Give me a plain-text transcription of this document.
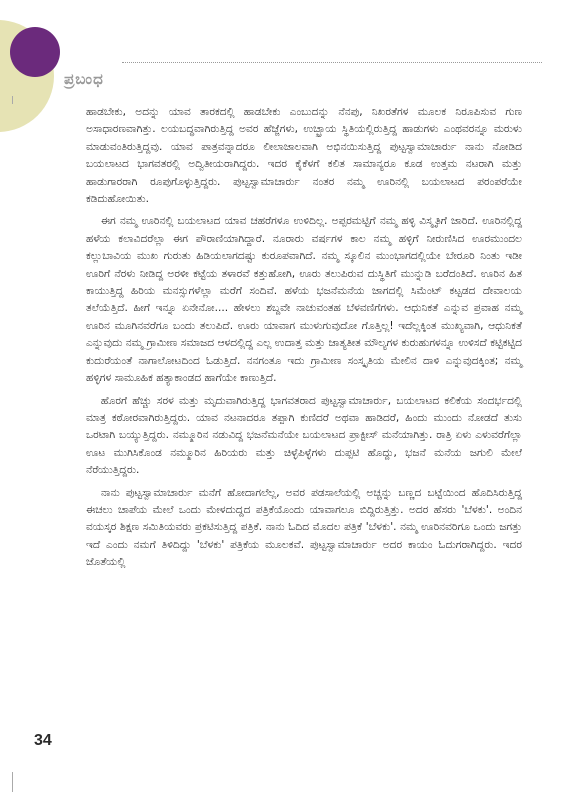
ಪ್ರಬಂಧ

ಹಾಡಬೇಕು, ಅದನ್ನು ಯಾವ ತಾರಕದಲ್ಲಿ ಹಾಡಬೇಕು ಎಂಬುದನ್ನು ನೆನಪು, ನಿಖರತೆಗಳ ಮೂಲಕ ನಿರೂಪಿಸುವ ಗುಣ ಅಸಾಧಾರಣವಾಗಿತ್ತು. ಲಯಬದ್ಧವಾಗಿರುತ್ತಿದ್ದ ಅವರ ಹೆಜ್ಜೆಗಳು, ಉಚ್ಛ್ರಾಯ ಸ್ಥಿತಿಯಲ್ಲಿರುತ್ತಿದ್ದ ಹಾಡುಗಳು ಎಂಥವರನ್ನೂ ಮರುಳು ಮಾಡುವಂತಿರುತ್ತಿದ್ದವು. ಯಾವ ಪಾತ್ರವನ್ನಾದರೂ ಲೀಲಾಜಾಲವಾಗಿ ಅಭಿನಯಿಸುತ್ತಿದ್ದ ಪುಟ್ಟಸ್ವಾಮಾಚಾರ್ರು ನಾನು ನೋಡಿದ ಬಯಲಾಟದ ಭಾಗವತರಲ್ಲಿ ಅದ್ವಿತೀಯರಾಗಿದ್ದರು. ಇದರ ಕೈಕೆಳಗೆ ಕಲಿತ ಸಾಮಾನ್ಯರೂ ಕೂಡ ಉತ್ತಮ ನಟರಾಗಿ ಮತ್ತು ಹಾಡುಗಾರರಾಗಿ ರೂಪುಗೊಳ್ಳುತ್ತಿದ್ದರು. ಪುಟ್ಟಸ್ವಾಮಾಚಾರ್ರು ನಂತರ ನಮ್ಮ ಊರಿನಲ್ಲಿ ಬಯಲಾಟದ ಪರಂಪರೆಯೇ ಕಡಿದುಹೋಯಿತು.

ಈಗ ನಮ್ಮ ಊರಿನಲ್ಲಿ ಬಯಲಾಟದ ಯಾವ ಚಹರೆಗಳೂ ಉಳಿದಿಲ್ಲ. ಅಪ್ಪರಮಟ್ಟಿಗೆ ನಮ್ಮ ಹಳ್ಳಿ ವಿಸ್ಮೃತಿಗೆ ಜಾರಿದೆ. ಊರಿನಲ್ಲಿದ್ದ ಹಳೆಯ ಕಲಾವಿದರೆಲ್ಲಾ ಈಗ ಪೌರಾಣಿಯಾಗಿದ್ದಾರೆ. ನೂರಾರು ವರ್ಷಗಳ ಕಾಲ ನಮ್ಮ ಹಳ್ಳಿಗೆ ನೀರುಣಿಸಿದ ಊರಮುಂದಲ ಕಲ್ಲುಬಾವಿಯ ಮುಖ ಗುರುತು ಹಿಡಿಯಲಾಗದಷ್ಟು ಕುರೂಪವಾಗಿದೆ. ನಮ್ಮ ಸ್ಕೂಲಿನ ಮುಂಭಾಗದಲ್ಲಿಯೇ ಬೇರೂರಿ ನಿಂತು ಇಡೀ ಊರಿಗೆ ನೆರಳು ನೀಡಿದ್ದ ಅರಳೀ ಕಟ್ಟೆಯ ತಳಾರವೆ ಕತ್ತುಹೋಗಿ, ಊರು ತಲುಪಿರುವ ದುಸ್ಥಿತಿಗೆ ಮುನ್ನುಡಿ ಬರೆದಂತಿದೆ. ಊರಿನ ಹಿತ ಕಾಯುತ್ತಿದ್ದ ಹಿರಿಯ ಮನಸ್ಸುಗಳೆಲ್ಲಾ ಮರೆಗೆ ಸಂದಿವೆ. ಹಳೆಯ ಭಜನೆಮನೆಯ ಜಾಗದಲ್ಲಿ ಸಿಮೆಂಟ್ ಕಟ್ಟಡದ ದೇವಾಲಯ ತಲೆಯೆತ್ತಿದೆ. ಹೀಗೆ ಇನ್ನೂ ಏನೇನೋ.... ಹೇಳಲು ಶಬ್ದವೇ ನಾಚುವಂತಹ ಬೆಳವಣಿಗೆಗಳು. ಆಧುನಿಕತೆ ಎನ್ನುವ ಪ್ರವಾಹ ನಮ್ಮ ಊರಿನ ಮೂಗಿನವರೆಗೂ ಬಂದು ತಲುಪಿದೆ. ಊರು ಯಾವಾಗ ಮುಳುಗುವುದೋ ಗೊತ್ತಿಲ್ಲ! ಇದೆಲ್ಲಕ್ಕಿಂತ ಮುಖ್ಯವಾಗಿ, ಆಧುನಿಕತೆ ಎನ್ನುವುದು ನಮ್ಮ ಗ್ರಾಮೀಣ ಸಮಾಜದ ಆಳದಲ್ಲಿದ್ದ ಎಲ್ಲ ಉದಾತ್ತ ಮತ್ತು ಜಾತ್ಯತೀತ ಮೌಲ್ಯಗಳ ಕುರುಹುಗಳನ್ನೂ ಉಳಿಸದೆ ಕಟ್ಟಿಕಟ್ಟಿದ ಕುದುರೆಯಂತೆ ನಾಗಾಲೋಟದಿಂದ ಓಡುತ್ತಿದೆ. ನನಗಂತೂ ಇದು ಗ್ರಾಮೀಣ ಸಂಸ್ಕೃತಿಯ ಮೇಲಿನ ದಾಳಿ ಎನ್ನುವುದಕ್ಕಿಂತ; ನಮ್ಮ ಹಳ್ಳಿಗಳ ಸಾಮೂಹಿಕ ಹತ್ಯಾಕಾಂಡದ ಹಾಗೆಯೇ ಕಾಣುತ್ತಿದೆ.

ಹೊರಗೆ ಹೆಚ್ಚು ಸರಳ ಮತ್ತು ಮೃದುವಾಗಿರುತ್ತಿದ್ದ ಭಾಗವತರಾದ ಪುಟ್ಟಸ್ವಾಮಾಚಾರ್ರು, ಬಯಲಾಟದ ಕಲಿಕೆಯ ಸಂದರ್ಭದಲ್ಲಿ ಮಾತ್ರ ಕಠೋರವಾಗಿರುತ್ತಿದ್ದರು. ಯಾವ ನಟನಾದರೂ ತಪ್ಪಾಗಿ ಕುಣಿದರೆ ಅಥವಾ ಹಾಡಿದರೆ, ಹಿಂದು ಮುಂದು ನೋಡದೆ ತುಸು ಒರಟಾಗಿ ಬಯ್ಯುತ್ತಿದ್ದರು. ನಮ್ಮೂರಿನ ನಡುವಿದ್ದ ಭಜನೆಮನೆಯೇ ಬಯಲಾಟದ ಪ್ರಾಕ್ಟೀಸ್ ಮನೆಯಾಗಿತ್ತು. ರಾತ್ರಿ ಏಳು ಎಳುವರೆಗೆಲ್ಲಾ ಊಟ ಮುಗಿಸಿಕೊಂಡ ನಮ್ಮೂರಿನ ಹಿರಿಯರು ಮತ್ತು ಚಿಳ್ಳೆಪಿಳ್ಳೆಗಳು ದುಪ್ಪಟಿ ಹೊದ್ದು, ಭಜನೆ ಮನೆಯ ಜಗುಲಿ ಮೇಲೆ ನೆರೆಯುತ್ತಿದ್ದರು.

ನಾನು ಪುಟ್ಟಸ್ವಾಮಾಚಾರ್ರು ಮನೆಗೆ ಹೋದಾಗಲೆಲ್ಲ, ಅವರ ಪಡಸಾಲೆಯಲ್ಲಿ ಅಚ್ಚನ್ನು ಬಣ್ಣದ ಬಟ್ಟೆಯಿಂದ ಹೊದಿಸಿರುತ್ತಿದ್ದ ಈಚಲು ಚಾಪೆಯ ಮೇಲೆ ಒಂದು ಮೇಳದುದ್ದದ ಪತ್ರಿಕೆಯೊಂದು ಯಾವಾಗಲೂ ಬಿದ್ದಿರುತ್ತಿತ್ತು. ಅದರ ಹೆಸರು 'ಬೆಳಕು'. ಅಂದಿನ ವಯಸ್ಕರ ಶಿಕ್ಷಣ ಸಮಿತಿಯವರು ಪ್ರಕಟಿಸುತ್ತಿದ್ದ ಪತ್ರಿಕೆ. ನಾನು ಓದಿದ ಮೊದಲ ಪತ್ರಿಕೆ 'ಬೆಳಕು'. ನಮ್ಮ ಊರಿನವರಿಗೂ ಒಂದು ಜಗತ್ತು ಇದೆ ಎಂದು ನಮಗೆ ತಿಳಿದಿದ್ದು 'ಬೆಳಕು' ಪತ್ರಿಕೆಯ ಮೂಲಕವೆ. ಪುಟ್ಟಸ್ವಾಮಾಚಾರ್ರು ಅದರ ಕಾಯಂ ಓದುಗರಾಗಿದ್ದರು. ಇದರ ಜೊತೆಯಲ್ಲಿ

34
